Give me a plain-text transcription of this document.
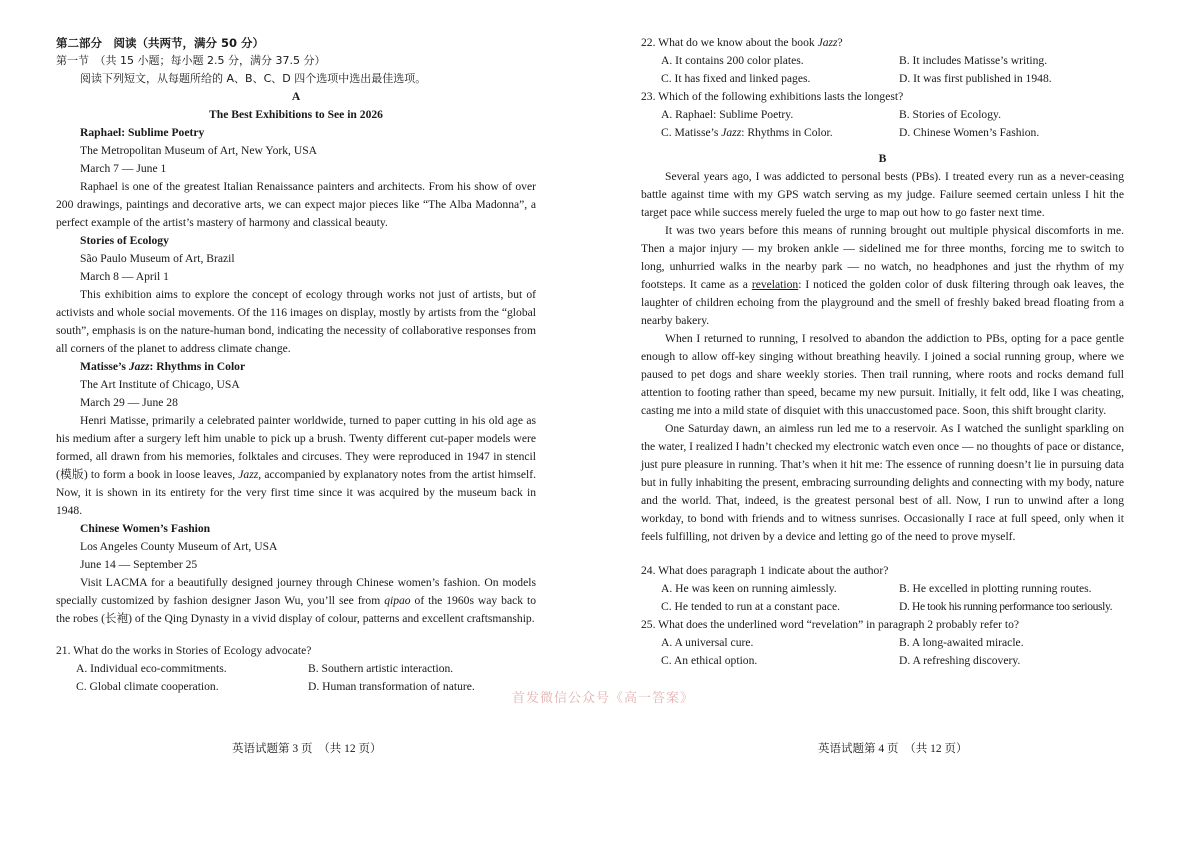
第二部分　阅读（共两节，满分 50 分）
第一节　（共 15 小题；每小题 2.5 分，满分 37.5 分）
阅读下列短文，从每题所给的 A、B、C、D 四个选项中选出最佳选项。
A
The Best Exhibitions to See in 2026
Raphael: Sublime Poetry
The Metropolitan Museum of Art, New York, USA
March 7 — June 1

Raphael is one of the greatest Italian Renaissance painters and architects. From his show of over 200 drawings, paintings and decorative arts, we can expect major pieces like “The Alba Madonna”, a perfect example of the artist’s mastery of harmony and classical beauty.

Stories of Ecology
São Paulo Museum of Art, Brazil
March 8 — April 1

This exhibition aims to explore the concept of ecology through works not just of artists, but of activists and whole social movements. Of the 116 images on display, mostly by artists from the “global south”, emphasis is on the nature-human bond, indicating the necessity of collaborative responses from all corners of the planet to address climate change.

Matisse’s Jazz: Rhythms in Color
The Art Institute of Chicago, USA
March 29 — June 28

Henri Matisse, primarily a celebrated painter worldwide, turned to paper cutting in his old age as his medium after a surgery left him unable to pick up a brush. Twenty different cut-paper models were formed, all drawn from his memories, folktales and circuses. They were reproduced in 1947 in stencil (模版) to form a book in loose leaves, Jazz, accompanied by explanatory notes from the artist himself. Now, it is shown in its entirety for the very first time since it was acquired by the museum back in 1948.

Chinese Women’s Fashion
Los Angeles County Museum of Art, USA
June 14 — September 25

Visit LACMA for a beautifully designed journey through Chinese women’s fashion. On models specially customized by fashion designer Jason Wu, you’ll see from qipao of the 1960s way back to the robes (长袍) of the Qing Dynasty in a vivid display of colour, patterns and excellent craftsmanship.

21. What do the works in Stories of Ecology advocate?
A. Individual eco-commitments.	B. Southern artistic interaction.
C. Global climate cooperation.	D. Human transformation of nature.
英语试题第 3 页　（共 12 页）
22. What do we know about the book Jazz?
A. It contains 200 color plates.	B. It includes Matisse’s writing.
C. It has fixed and linked pages.	D. It was first published in 1948.
23. Which of the following exhibitions lasts the longest?
A. Raphael: Sublime Poetry.	B. Stories of Ecology.
C. Matisse’s Jazz: Rhythms in Color.	D. Chinese Women’s Fashion.
B

Several years ago, I was addicted to personal bests (PBs). I treated every run as a never-ceasing battle against time with my GPS watch serving as my judge. Failure seemed certain unless I hit the target pace while success merely fueled the urge to map out how to go faster next time.

It was two years before this means of running brought out multiple physical discomforts in me. Then a major injury — my broken ankle — sidelined me for three months, forcing me to switch to long, unhurried walks in the nearby park — no watch, no headphones and just the rhythm of my footsteps. It came as a revelation: I noticed the golden color of dusk filtering through oak leaves, the laughter of children echoing from the playground and the smell of freshly baked bread floating from a nearby bakery.

When I returned to running, I resolved to abandon the addiction to PBs, opting for a pace gentle enough to allow off-key singing without breathing heavily. I joined a social running group, where we paused to pet dogs and share weekly stories. Then trail running, where roots and rocks demand full attention to footing rather than speed, became my new pursuit. Initially, it felt odd, like I was cheating, casting me into a mild state of disquiet with this unaccustomed pace. Soon, this shift brought clarity.

One Saturday dawn, an aimless run led me to a reservoir. As I watched the sunlight sparkling on the water, I realized I hadn’t checked my electronic watch even once — no thoughts of pace or distance, just pure pleasure in running. That’s when it hit me: The essence of running doesn’t lie in pursuing data but in fully inhabiting the present, embracing surrounding delights and connecting with my body, nature and the world. That, indeed, is the greatest personal best of all. Now, I run to unwind after a long workday, to bond with friends and to witness sunrises. Occasionally I race at full speed, only when it feels fulfilling, not driven by a device and letting go of the need to prove myself.

24. What does paragraph 1 indicate about the author?
A. He was keen on running aimlessly.	B. He excelled in plotting running routes.
C. He tended to run at a constant pace.	D. He took his running performance too seriously.
25. What does the underlined word “revelation” in paragraph 2 probably refer to?
A. A universal cure.	B. A long-awaited miracle.
C. An ethical option.	D. A refreshing discovery.
英语试题第 4 页　（共 12 页）
首发微信公众号《高一答案》
